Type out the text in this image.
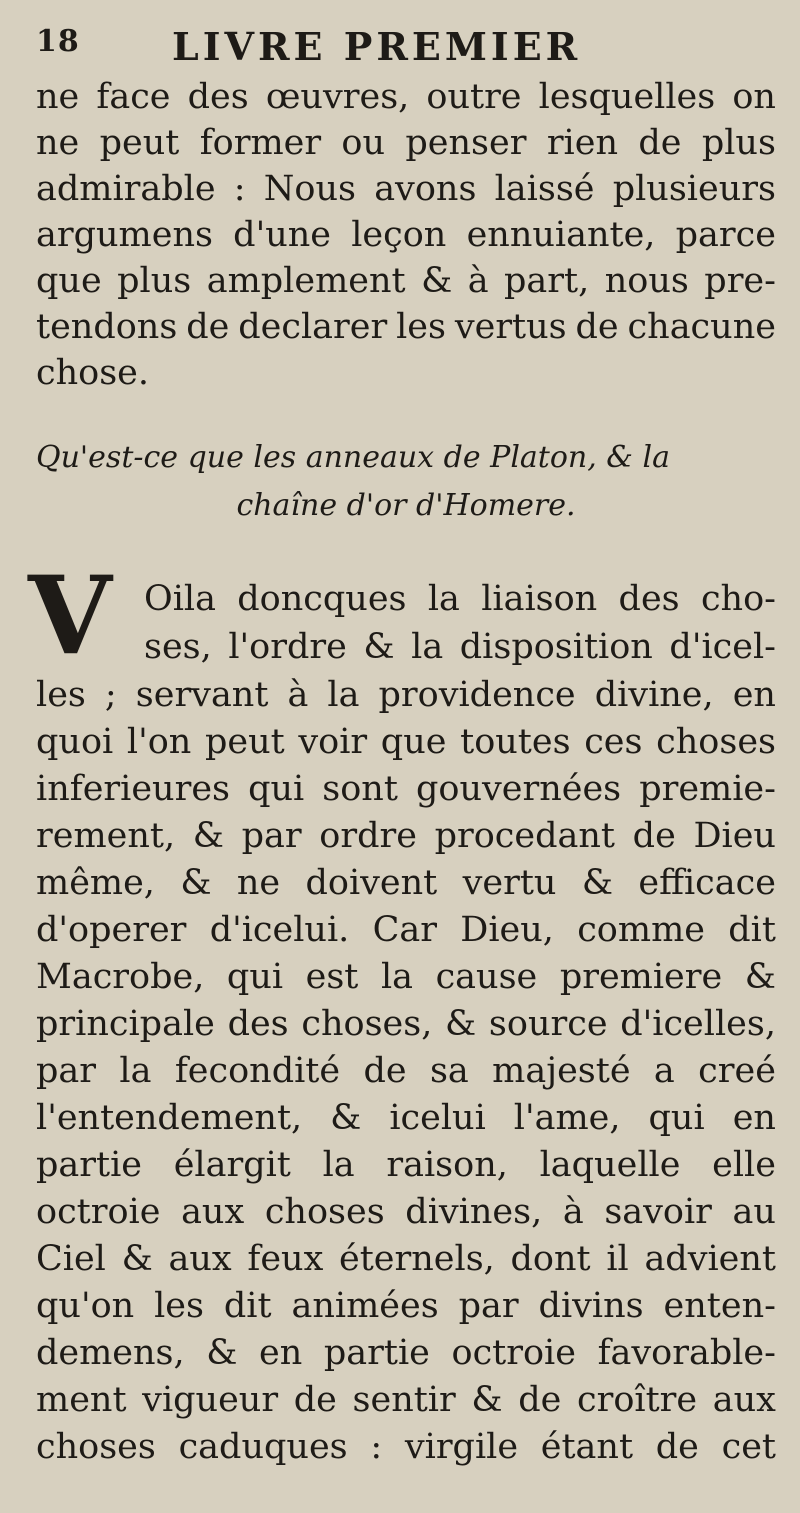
18 LIVRE PREMIER
ne face des œuvres, outre lesquelles on
ne peut former ou penser rien de plus
admirable : Nous avons laissé plusieurs
argumens d'une leçon ennuiante, parce
que plus amplement & à part, nous pre-
tendons de declarer les vertus de chacune
chose.
Qu'est-ce que les anneaux de Platon, & la
chaîne d'or d'Homere.
V Oila doncques la liaison des cho-
ses, l'ordre & la disposition d'icel-
les ; servant à la providence divine, en
quoi l'on peut voir que toutes ces choses
inferieures qui sont gouvernées premie-
rement, & par ordre procedant de Dieu
même, & ne doivent vertu & efficace
d'operer d'icelui. Car Dieu, comme dit
Macrobe, qui est la cause premiere &
principale des choses, & source d'icelles,
par la fecondité de sa majesté a creé
l'entendement, & icelui l'ame, qui en
partie élargit la raison, laquelle elle
octroie aux choses divines, à savoir au
Ciel & aux feux éternels, dont il advient
qu'on les dit animées par divins enten-
demens, & en partie octroie favorable-
ment vigueur de sentir & de croître aux
choses caduques : virgile étant de cet
